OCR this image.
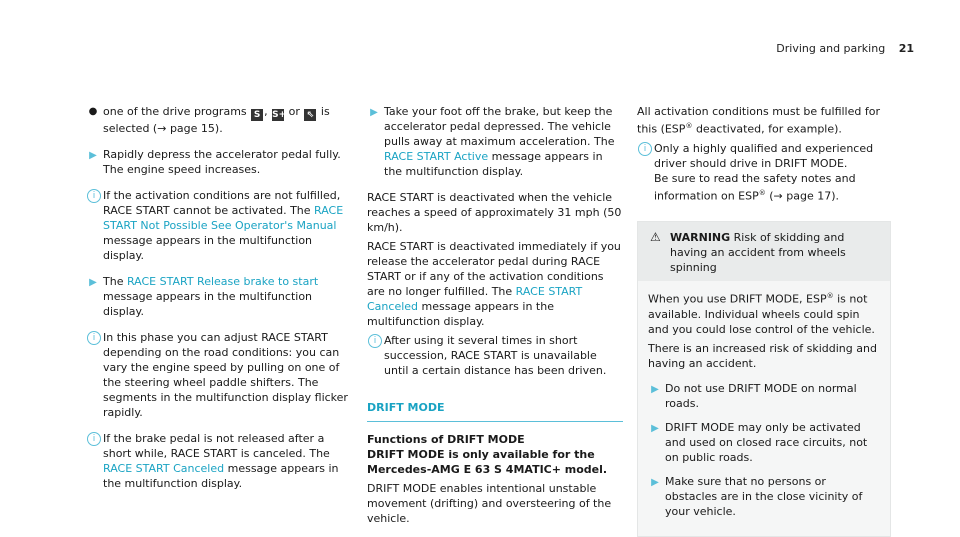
Driving and parking 21
● one of the drive programs S , S+ or ⇖ is selected (→ page 15).
▶ Rapidly depress the accelerator pedal fully.
The engine speed increases.
i If the activation conditions are not fulfilled, RACE START cannot be activated. The RACE START Not Possible See Operator's Manual message appears in the multifunction display.
▶ The RACE START Release brake to start message appears in the multifunction display.
i In this phase you can adjust RACE START depending on the road conditions: you can vary the engine speed by pulling on one of the steering wheel paddle shifters. The segments in the multifunction display flicker rapidly.
i If the brake pedal is not released after a short while, RACE START is canceled. The RACE START Canceled message appears in the multifunction display.
▶ Take your foot off the brake, but keep the accelerator pedal depressed. The vehicle pulls away at maximum acceleration. The RACE START Active message appears in the multifunction display.

RACE START is deactivated when the vehicle reaches a speed of approximately 31 mph (50 km/h).

RACE START is deactivated immediately if you release the accelerator pedal during RACE START or if any of the activation conditions are no longer fulfilled. The RACE START Canceled message appears in the multifunction display.

i After using it several times in short succession, RACE START is unavailable until a certain distance has been driven.
DRIFT MODE
Functions of DRIFT MODE
DRIFT MODE is only available for the Mercedes-AMG E 63 S 4MATIC+ model.

DRIFT MODE enables intentional unstable movement (drifting) and oversteering of the vehicle.

All activation conditions must be fulfilled for this (ESP® deactivated, for example).

i Only a highly qualified and experienced driver should drive in DRIFT MODE.
Be sure to read the safety notes and information on ESP® (→ page 17).
⚠ WARNING Risk of skidding and having an accident from wheels spinning

When you use DRIFT MODE, ESP® is not available. Individual wheels could spin and you could lose control of the vehicle.

There is an increased risk of skidding and having an accident.

▶ Do not use DRIFT MODE on normal roads.
▶ DRIFT MODE may only be activated and used on closed race circuits, not on public roads.
▶ Make sure that no persons or obstacles are in the close vicinity of your vehicle.
